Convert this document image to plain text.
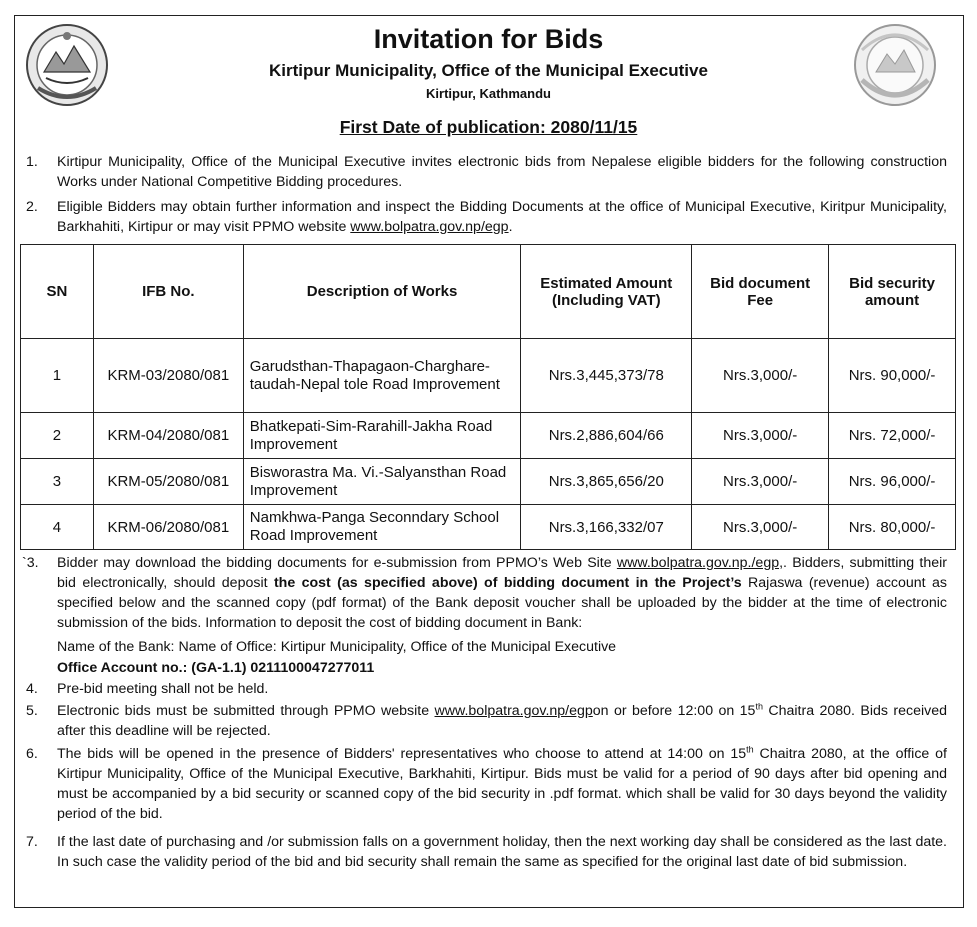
Invitation for Bids
Kirtipur Municipality, Office of the Municipal Executive
Kirtipur, Kathmandu
First Date of publication: 2080/11/15
1. Kirtipur Municipality, Office of the Municipal Executive invites electronic bids from Nepalese eligible bidders for the following construction Works under National Competitive Bidding procedures.
2. Eligible Bidders may obtain further information and inspect the Bidding Documents at the office of Municipal Executive, Kiritpur Municipality, Barkhahiti, Kirtipur or may visit PPMO website www.bolpatra.gov.np/egp.
SN	IFB No.	Description of Works	Estimated Amount (Including VAT)	Bid document Fee	Bid security amount
1	KRM-03/2080/081	Garudsthan-Thapagaon-Charghare-taudah-Nepal tole Road Improvement	Nrs.3,445,373/78	Nrs.3,000/-	Nrs. 90,000/-
2	KRM-04/2080/081	Bhatkepati-Sim-Rarahill-Jakha Road Improvement	Nrs.2,886,604/66	Nrs.3,000/-	Nrs. 72,000/-
3	KRM-05/2080/081	Bisworastra Ma. Vi.-Salyansthan Road Improvement	Nrs.3,865,656/20	Nrs.3,000/-	Nrs. 96,000/-
4	KRM-06/2080/081	Namkhwa-Panga Seconndary School Road Improvement	Nrs.3,166,332/07	Nrs.3,000/-	Nrs. 80,000/-
`3. Bidder may download the bidding documents for e-submission from PPMO’s Web Site www.bolpatra.gov.np./egp,. Bidders, submitting their bid electronically, should deposit the cost (as specified above) of bidding document in the Project’s Rajaswa (revenue) account as specified below and the scanned copy (pdf format) of the Bank deposit voucher shall be uploaded by the bidder at the time of electronic submission of the bids. Information to deposit the cost of bidding document in Bank:
Name of the Bank: Name of Office: Kirtipur Municipality, Office of the Municipal Executive
Office Account no.: (GA-1.1) 0211100047277011
4. Pre-bid meeting shall not be held.
5. Electronic bids must be submitted through PPMO website www.bolpatra.gov.np/egpon or before 12:00 on 15th Chaitra 2080. Bids received after this deadline will be rejected.
6. The bids will be opened in the presence of Bidders' representatives who choose to attend at 14:00 on 15th Chaitra 2080, at the office of Kirtipur Municipality, Office of the Municipal Executive, Barkhahiti, Kirtipur. Bids must be valid for a period of 90 days after bid opening and must be accompanied by a bid security or scanned copy of the bid security in .pdf format. which shall be valid for 30 days beyond the validity period of the bid.
7. If the last date of purchasing and /or submission falls on a government holiday, then the next working day shall be considered as the last date. In such case the validity period of the bid and bid security shall remain the same as specified for the original last date of bid submission.
